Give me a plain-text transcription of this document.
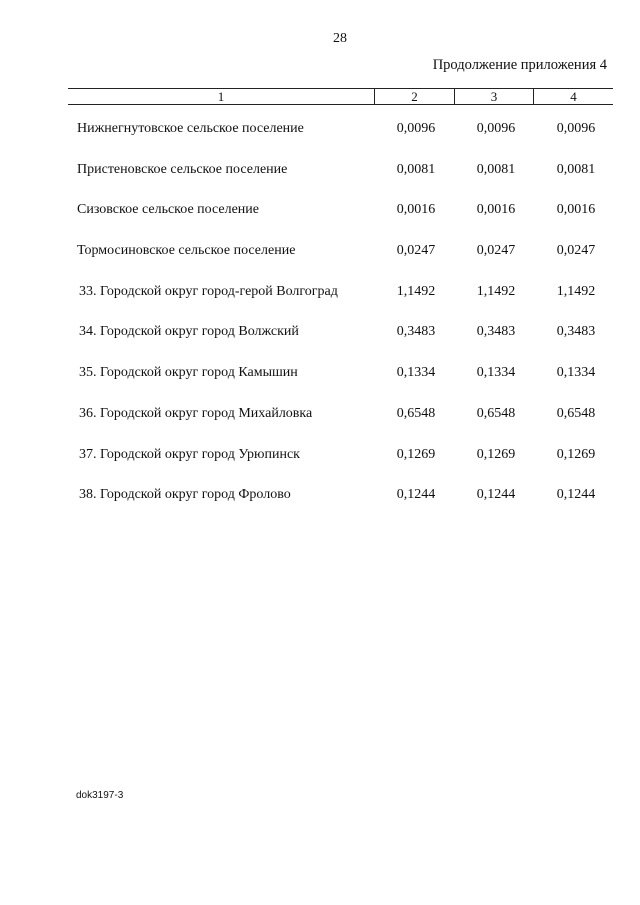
28
Продолжение приложения 4
1	2	3	4
Нижнегнутовское сельское поселение	0,0096	0,0096	0,0096
Пристеновское сельское поселение	0,0081	0,0081	0,0081
Сизовское сельское поселение	0,0016	0,0016	0,0016
Тормосиновское сельское поселение	0,0247	0,0247	0,0247
33. Городской округ город-герой Волгоград	1,1492	1,1492	1,1492
34. Городской округ город Волжский	0,3483	0,3483	0,3483
35. Городской округ город Камышин	0,1334	0,1334	0,1334
36. Городской округ город Михайловка	0,6548	0,6548	0,6548
37. Городской округ город Урюпинск	0,1269	0,1269	0,1269
38. Городской округ город Фролово	0,1244	0,1244	0,1244
dok3197-3
